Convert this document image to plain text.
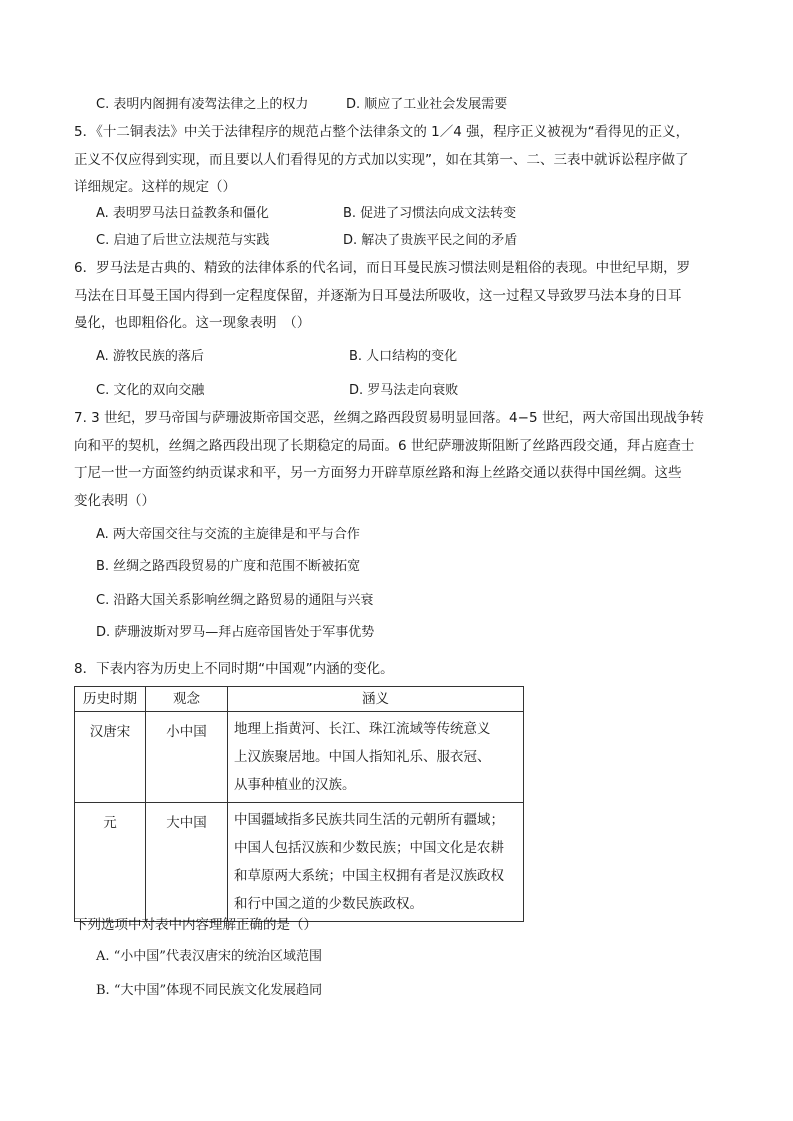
C. 表明内阁拥有凌驾法律之上的权力	D. 顺应了工业社会发展需要
5．《十二铜表法》中关于法律程序的规范占整个法律条文的 1／4 强，程序正义被视为“看得见的正义，
正义不仅应得到实现，而且要以人们看得见的方式加以实现”，如在其第一、二、三表中就诉讼程序做了
详细规定。这样的规定（）
A. 表明罗马法日益教条和僵化	B. 促进了习惯法向成文法转变
C. 启迪了后世立法规范与实践	D. 解决了贵族平民之间的矛盾
6．罗马法是古典的、精致的法律体系的代名词，而日耳曼民族习惯法则是粗俗的表现。中世纪早期，罗
马法在日耳曼王国内得到一定程度保留，并逐渐为日耳曼法所吸收，这一过程又导致罗马法本身的日耳
曼化，也即粗俗化。这一现象表明　（）
A. 游牧民族的落后	B. 人口结构的变化
C. 文化的双向交融	D. 罗马法走向衰败
7. 3 世纪，罗马帝国与萨珊波斯帝国交恶，丝绸之路西段贸易明显回落。4−5 世纪，两大帝国出现战争转
向和平的契机，丝绸之路西段出现了长期稳定的局面。6 世纪萨珊波斯阻断了丝路西段交通，拜占庭查士
丁尼一世一方面签约纳贡谋求和平，另一方面努力开辟草原丝路和海上丝路交通以获得中国丝绸。这些
变化表明（）
A. 两大帝国交往与交流的主旋律是和平与合作
B. 丝绸之路西段贸易的广度和范围不断被拓宽
C. 沿路大国关系影响丝绸之路贸易的通阻与兴衰
D. 萨珊波斯对罗马—拜占庭帝国皆处于军事优势
8．下表内容为历史上不同时期“中国观”内涵的变化。
历史时期	观念	涵义
汉唐宋	小中国	地理上指黄河、长江、珠江流域等传统意义
上汉族聚居地。中国人指知礼乐、服衣冠、
从事种植业的汉族。

元	大中国	中国疆域指多民族共同生活的元朝所有疆域；
中国人包括汉族和少数民族；中国文化是农耕
和草原两大系统；中国主权拥有者是汉族政权
和行中国之道的少数民族政权。
下列选项中对表中内容理解正确的是（）
A. “小中国”代表汉唐宋的统治区域范围
B. “大中国”体现不同民族文化发展趋同
